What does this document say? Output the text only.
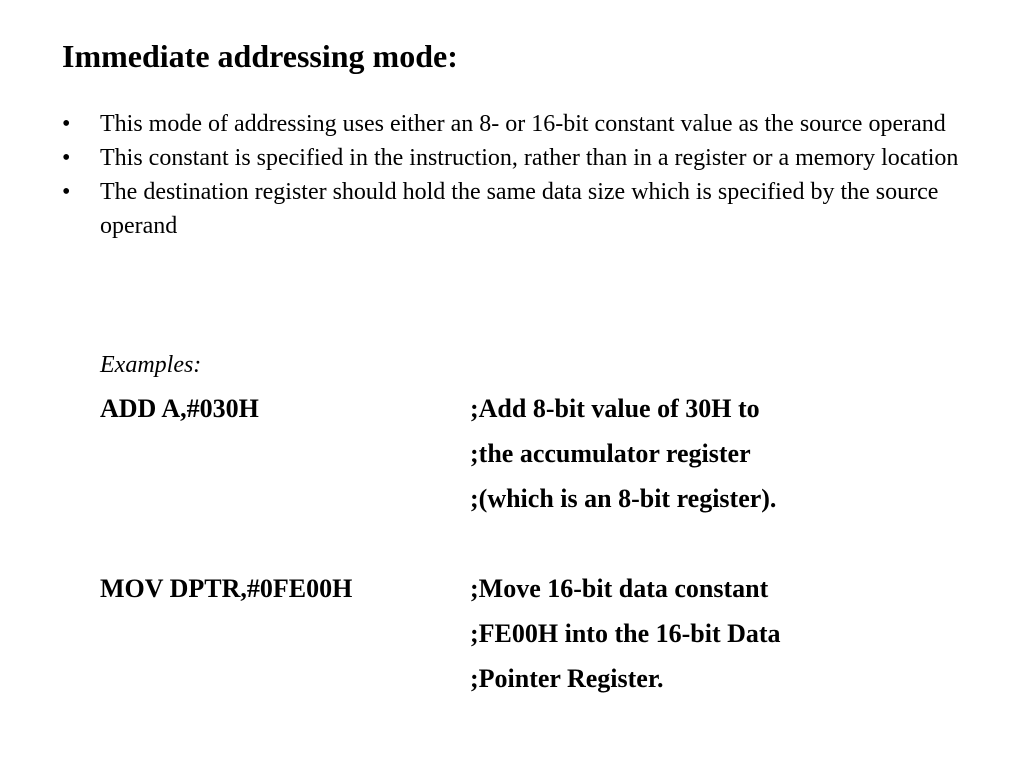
Immediate addressing mode:
•	This mode of addressing uses either an 8- or 16-bit constant value as the source operand
•	This constant is specified in the instruction, rather than in a register or a memory location
•	The destination register should hold the same data size which is specified by the source operand
Examples:
ADD A,#030H	;Add 8-bit value of 30H to
;the accumulator register
;(which is an 8-bit register).
MOV DPTR,#0FE00H	;Move 16-bit data constant
;FE00H into the 16-bit Data
;Pointer Register.
